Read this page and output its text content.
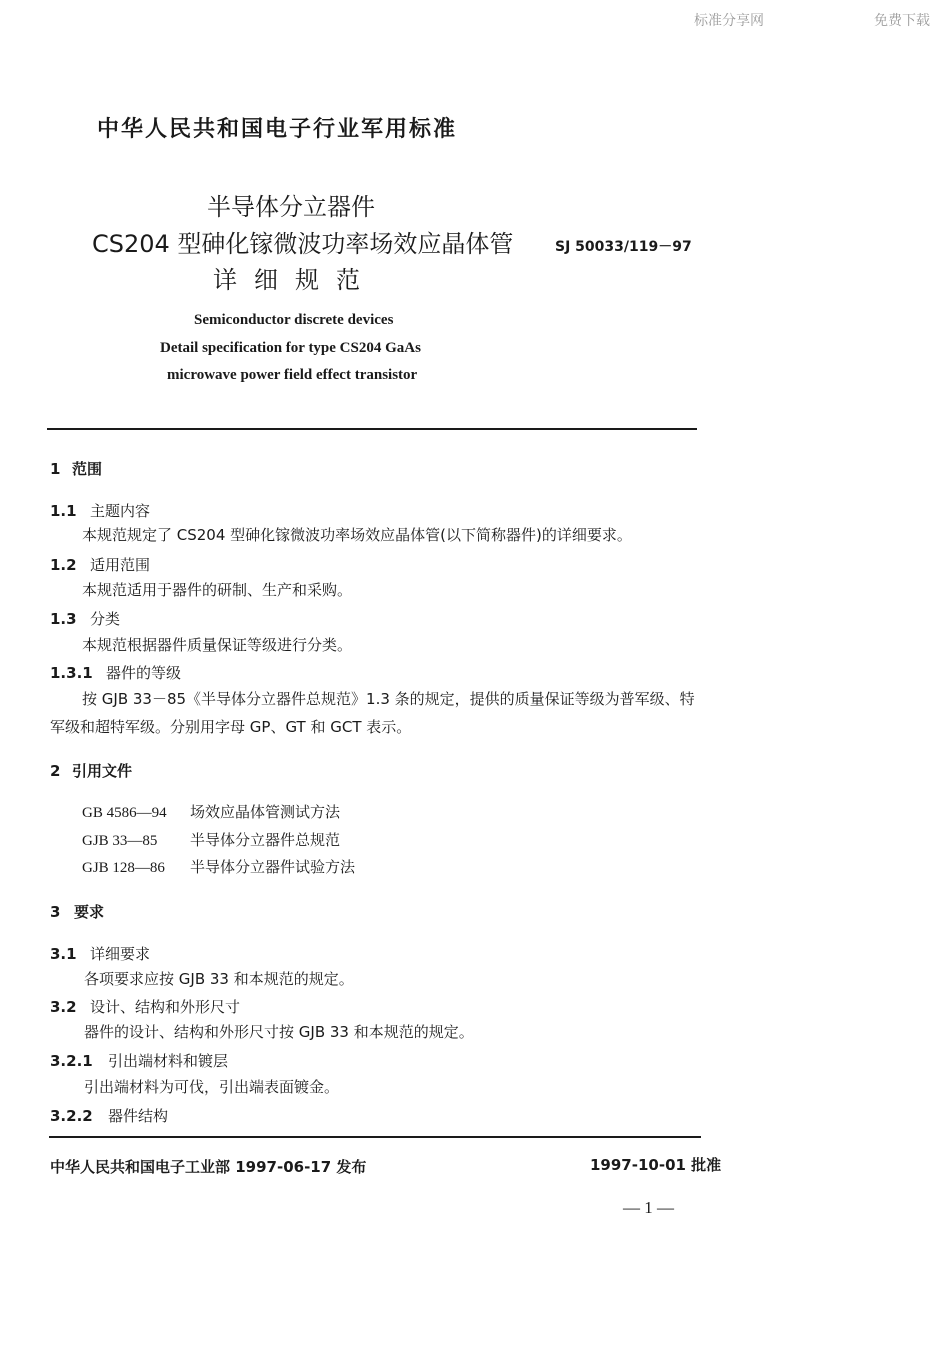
标准分享网	免费下载
中华人民共和国电子行业军用标准
半导体分立器件
CS204 型砷化镓微波功率场效应晶体管
详细规范
SJ 50033/119－97
Semiconductor discrete devices
Detail specification for type CS204 GaAs
microwave power field effect transistor
1 范围
1.1 主题内容
本规范规定了 CS204 型砷化镓微波功率场效应晶体管(以下简称器件)的详细要求。
1.2 适用范围
本规范适用于器件的研制、生产和采购。
1.3 分类
本规范根据器件质量保证等级进行分类。
1.3.1 器件的等级
按 GJB 33－85《半导体分立器件总规范》1.3 条的规定，提供的质量保证等级为普军级、特
军级和超特军级。分别用字母 GP、GT 和 GCT 表示。
2 引用文件
GB 4586—94 场效应晶体管测试方法
GJB 33—85 半导体分立器件总规范
GJB 128—86 半导体分立器件试验方法
3 要求
3.1 详细要求
各项要求应按 GJB 33 和本规范的规定。
3.2 设计、结构和外形尺寸
器件的设计、结构和外形尺寸按 GJB 33 和本规范的规定。
3.2.1 引出端材料和镀层
引出端材料为可伐，引出端表面镀金。
3.2.2 器件结构
中华人民共和国电子工业部 1997-06-17 发布	1997-10-01 批准
— 1 —
